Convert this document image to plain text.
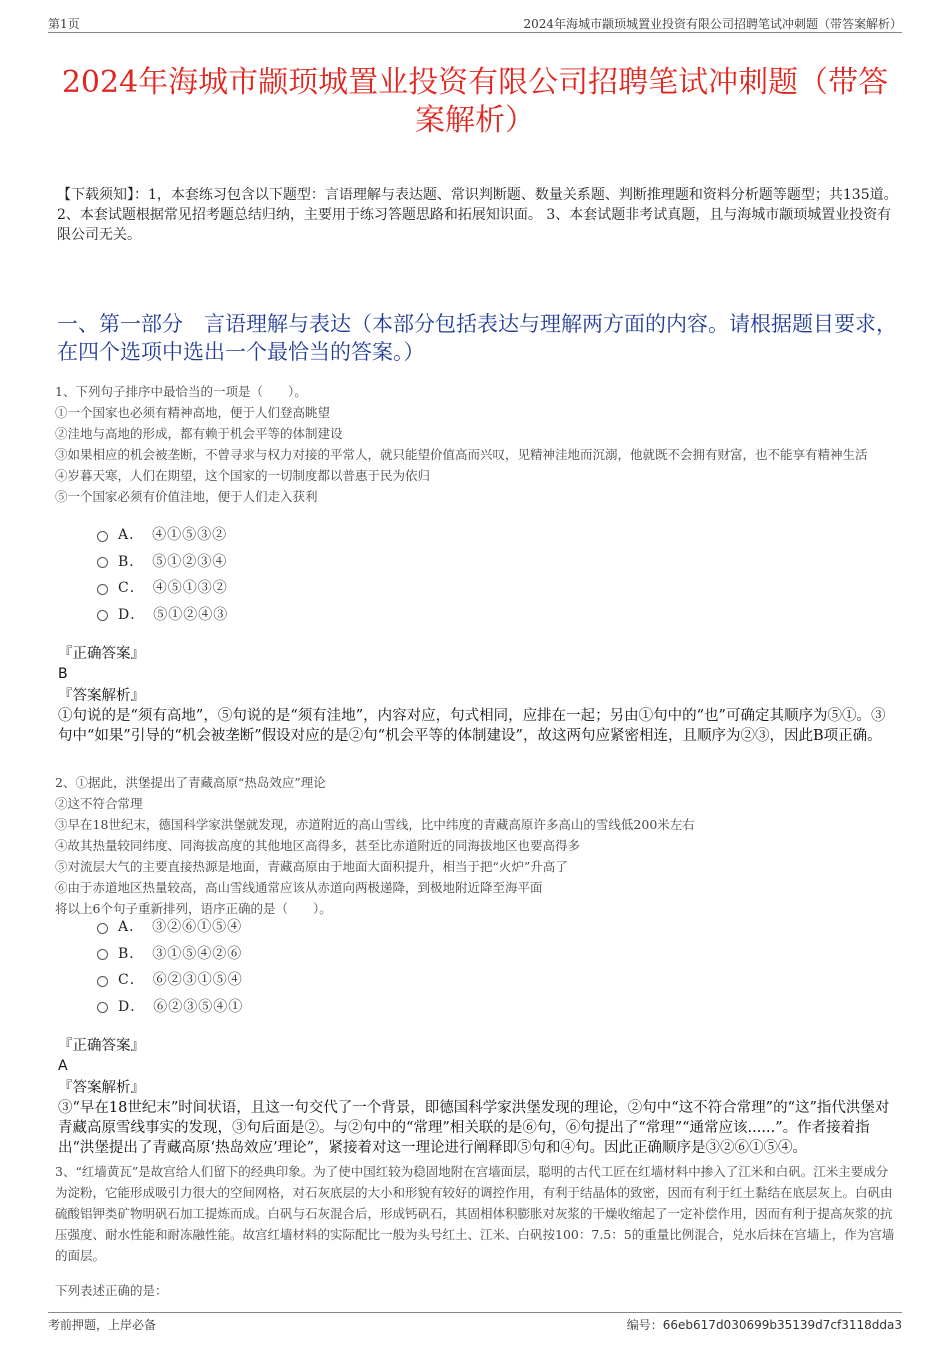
第1页	2024年海城市颛顼城置业投资有限公司招聘笔试冲刺题（带答案解析）
2024年海城市颛顼城置业投资有限公司招聘笔试冲刺题（带答案解析）
【下载须知】：1，本套练习包含以下题型：言语理解与表达题、常识判断题、数量关系题、判断推理题和资料分析题等题型；共135道。 2、本套试题根据常见招考题总结归纳，主要用于练习答题思路和拓展知识面。 3、本套试题非考试真题，且与海城市颛顼城置业投资有限公司无关。
一、第一部分　言语理解与表达（本部分包括表达与理解两方面的内容。请根据题目要求，在四个选项中选出一个最恰当的答案。）

1、下列句子排序中最恰当的一项是（　　）。

①一个国家也必须有精神高地，便于人们登高眺望

②洼地与高地的形成，都有赖于机会平等的体制建设

③如果相应的机会被垄断，不曾寻求与权力对接的平常人，就只能望价值高而兴叹，见精神洼地而沉溺，他就既不会拥有财富，也不能享有精神生活

④岁暮天寒，人们在期望，这个国家的一切制度都以普惠于民为依归

⑤一个国家必须有价值洼地，便于人们走入获利

A．　④①⑤③②
B．　⑤①②③④
C．　④⑤①③②
D．　⑤①②④③

『正确答案』

B

『答案解析』

①句说的是“须有高地”，⑤句说的是“须有洼地”，内容对应，句式相同，应排在一起；另由①句中的“也”可确定其顺序为⑤①。③句中“如果”引导的“机会被垄断”假设对应的是②句“机会平等的体制建设”，故这两句应紧密相连，且顺序为②③，因此B项正确。

2、①据此，洪堡提出了青藏高原“热岛效应”理论

②这不符合常理

③早在18世纪末，德国科学家洪堡就发现，赤道附近的高山雪线，比中纬度的青藏高原许多高山的雪线低200米左右

④故其热量较同纬度、同海拔高度的其他地区高得多，甚至比赤道附近的同海拔地区也要高得多

⑤对流层大气的主要直接热源是地面，青藏高原由于地面大面积提升，相当于把“火炉”升高了

⑥由于赤道地区热量较高，高山雪线通常应该从赤道向两极递降，到极地附近降至海平面

将以上6个句子重新排列，语序正确的是（　　）。

A．　③②⑥①⑤④
B．　③①⑤④②⑥
C．　⑥②③①⑤④
D．　⑥②③⑤④①

『正确答案』

A

『答案解析』

③“早在18世纪末”时间状语，且这一句交代了一个背景，即德国科学家洪堡发现的理论，②句中“这不符合常理”的“这”指代洪堡对青藏高原雪线事实的发现，③句后面是②。与②句中的“常理”相关联的是⑥句，⑥句提出了“常理”“通常应该......”。作者接着指出“洪堡提出了青藏高原‘热岛效应’理论”，紧接着对这一理论进行阐释即⑤句和④句。因此正确顺序是③②⑥①⑤④。

3、“红墙黄瓦”是故宫给人们留下的经典印象。为了使中国红较为稳固地附在宫墙面层，聪明的古代工匠在红墙材料中掺入了江米和白矾。江米主要成分为淀粉，它能形成吸引力很大的空间网格，对石灰底层的大小和形貌有较好的调控作用，有利于结晶体的致密，因而有利于红土黏结在底层灰上。白矾由硫酸铝钾类矿物明矾石加工提炼而成。白矾与石灰混合后，形成钙矾石，其固相体积膨胀对灰浆的干燥收缩起了一定补偿作用，因而有利于提高灰浆的抗压强度、耐水性能和耐冻融性能。故宫红墙材料的实际配比一般为头号红土、江米、白矾按100：7.5：5的重量比例混合，兑水后抹在宫墙上，作为宫墙的面层。
下列表述正确的是：
考前押题，上岸必备	编号：66eb617d030699b35139d7cf3118dda3
